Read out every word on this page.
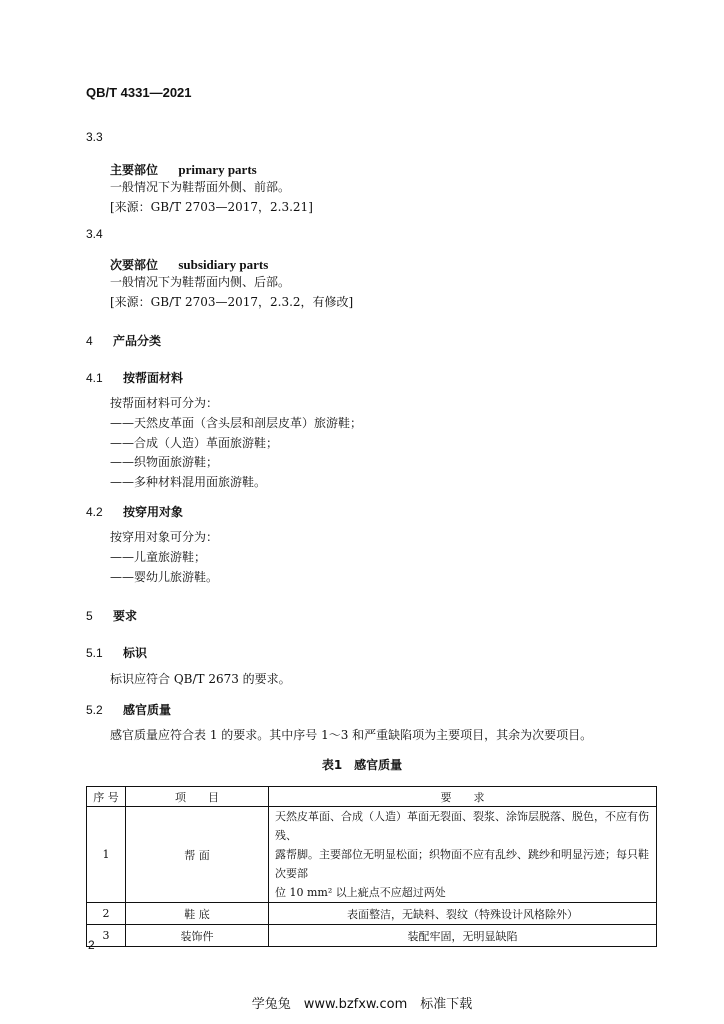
QB/T 4331—2021
3.3
主要部位 primary parts
一般情况下为鞋帮面外侧、前部。
[来源：GB/T 2703—2017，2.3.21]
3.4
次要部位 subsidiary parts
一般情况下为鞋帮面内侧、后部。
[来源：GB/T 2703—2017，2.3.2，有修改]
4 产品分类
4.1 按帮面材料
按帮面材料可分为：
——天然皮革面（含头层和剖层皮革）旅游鞋；
——合成（人造）革面旅游鞋；
——织物面旅游鞋；
——多种材料混用面旅游鞋。
4.2 按穿用对象
按穿用对象可分为：
——儿童旅游鞋；
——婴幼儿旅游鞋。
5 要求
5.1 标识
标识应符合 QB/T 2673 的要求。
5.2 感官质量
感官质量应符合表 1 的要求。其中序号 1～3 和严重缺陷项为主要项目，其余为次要项目。
表1　感官质量
序 号	项　　目	要　　求
1	帮 面	天然皮革面、合成（人造）革面无裂面、裂浆、涂饰层脱落、脱色，不应有伤残、
露帮脚。主要部位无明显松面；织物面不应有乱纱、跳纱和明显污迹；每只鞋次要部
位 10 mm² 以上疵点不应超过两处

2	鞋 底	表面整洁，无缺料、裂纹（特殊设计风格除外）
3	装饰件	装配牢固，无明显缺陷
2
学兔兔　www.bzfxw.com　标准下载
